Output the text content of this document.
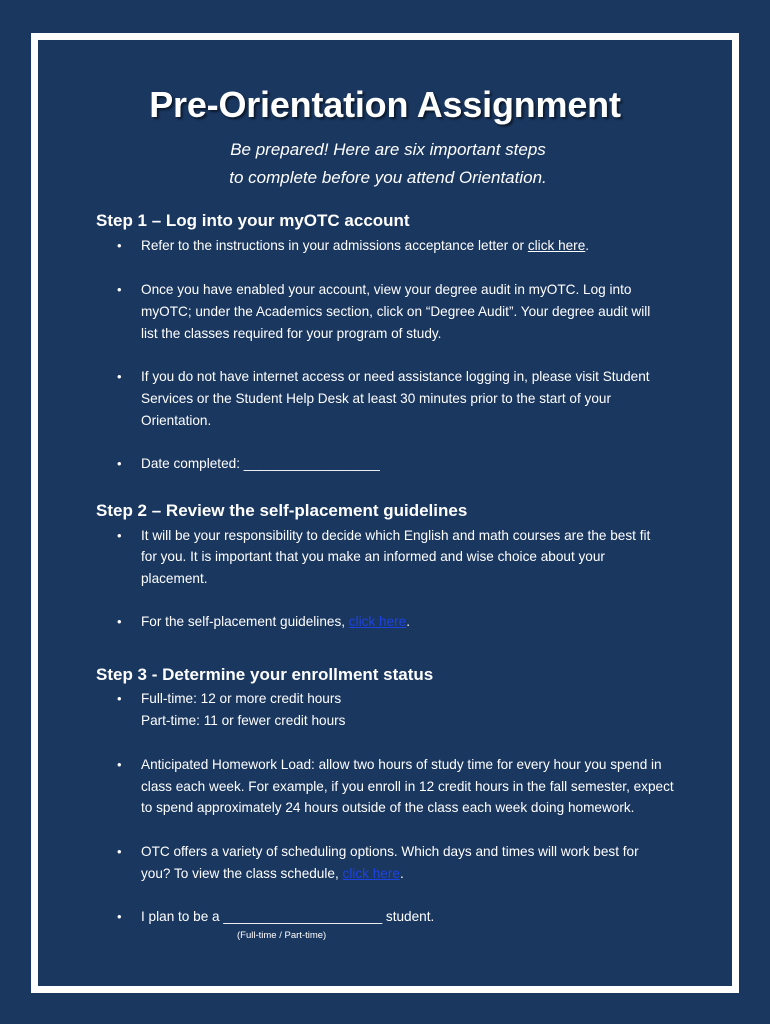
Pre-Orientation Assignment
Be prepared! Here are six important steps
to complete before you attend Orientation.
Step 1 – Log into your myOTC account
• Refer to the instructions in your admissions acceptance letter or click here.
• Once you have enabled your account, view your degree audit in myOTC. Log into
myOTC; under the Academics section, click on “Degree Audit”. Your degree audit will
list the classes required for your program of study.
• If you do not have internet access or need assistance logging in, please visit Student
Services or the Student Help Desk at least 30 minutes prior to the start of your
Orientation.
• Date completed: __________________
Step 2 – Review the self-placement guidelines
• It will be your responsibility to decide which English and math courses are the best fit
for you. It is important that you make an informed and wise choice about your
placement.
• For the self-placement guidelines, click here.
Step 3 - Determine your enrollment status
• Full-time: 12 or more credit hours
Part-time: 11 or fewer credit hours
• Anticipated Homework Load: allow two hours of study time for every hour you spend in
class each week. For example, if you enroll in 12 credit hours in the fall semester, expect
to spend approximately 24 hours outside of the class each week doing homework.
• OTC offers a variety of scheduling options. Which days and times will work best for
you? To view the class schedule, click here.
• I plan to be a _____________________ student.
(Full-time / Part-time)
